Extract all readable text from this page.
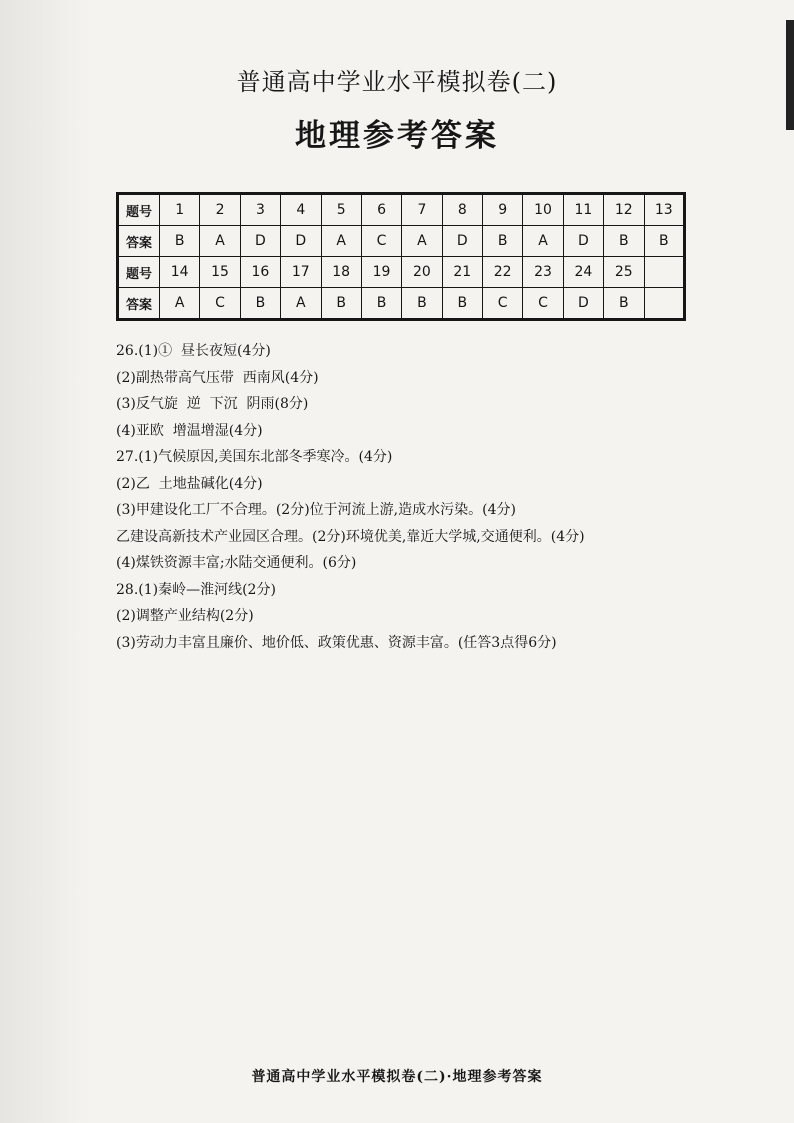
普通高中学业水平模拟卷(二)
地理参考答案
题号	1	2	3	4	5	6	7	8	9	10	11	12	13
答案	B	A	D	D	A	C	A	D	B	A	D	B	B
题号	14	15	16	17	18	19	20	21	22	23	24	25	
答案	A	C	B	A	B	B	B	B	C	C	D	B	
26.(1)①  昼长夜短(4分)
(2)副热带高气压带  西南风(4分)
(3)反气旋  逆  下沉  阴雨(8分)
(4)亚欧  增温增湿(4分)
27.(1)气候原因,美国东北部冬季寒冷。(4分)
(2)乙  土地盐碱化(4分)
(3)甲建设化工厂不合理。(2分)位于河流上游,造成水污染。(4分)
乙建设高新技术产业园区合理。(2分)环境优美,靠近大学城,交通便利。(4分)
(4)煤铁资源丰富;水陆交通便利。(6分)
28.(1)秦岭—淮河线(2分)
(2)调整产业结构(2分)
(3)劳动力丰富且廉价、地价低、政策优惠、资源丰富。(任答3点得6分)
普通高中学业水平模拟卷(二)·地理参考答案
